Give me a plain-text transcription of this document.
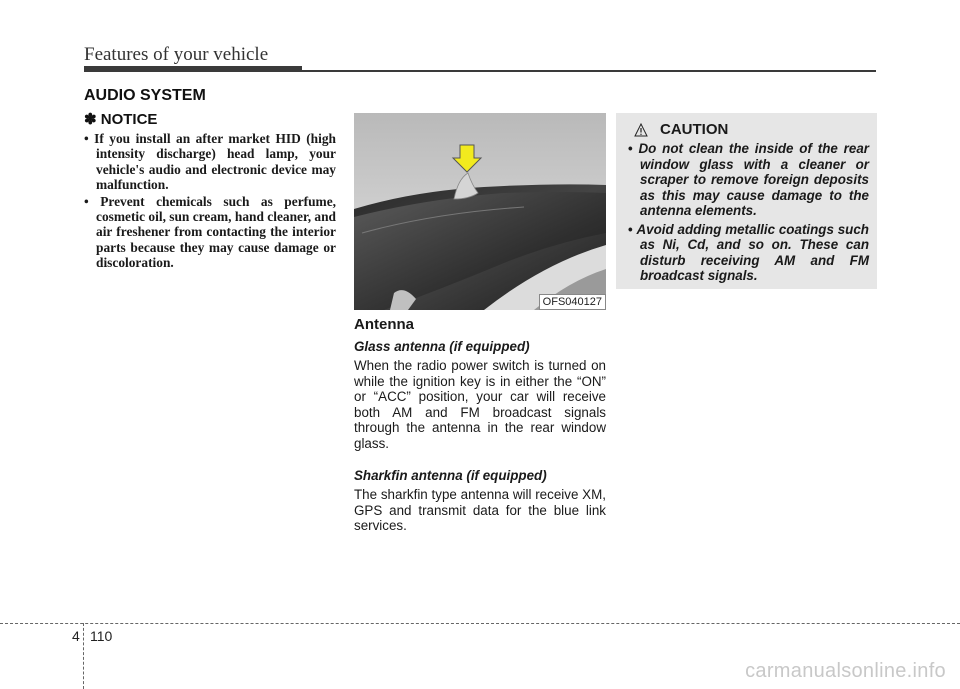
Features of your vehicle
AUDIO SYSTEM
✽ NOTICE
• If you install an after market HID (high intensity discharge) head lamp, your vehicle's audio and electronic device may malfunction.
• Prevent chemicals such as perfume, cosmetic oil, sun cream, hand cleaner, and air freshener from contacting the interior parts because they may cause damage or discoloration.
OFS040127
Antenna
Glass antenna (if equipped)

When the radio power switch is turned on while the ignition key is in either the “ON” or “ACC” position, your car will receive both AM and FM broadcast signals through the antenna in the rear window glass.

Sharkfin antenna (if equipped)

The sharkfin type antenna will receive XM, GPS and transmit data for the blue link services.

CAUTION
• Do not clean the inside of the rear window glass with a cleaner or scraper to remove foreign deposits as this may cause damage to the antenna elements.
• Avoid adding metallic coatings such as Ni, Cd, and so on. These can disturb receiving AM and FM broadcast signals.
4 110
carmanualsonline.info
